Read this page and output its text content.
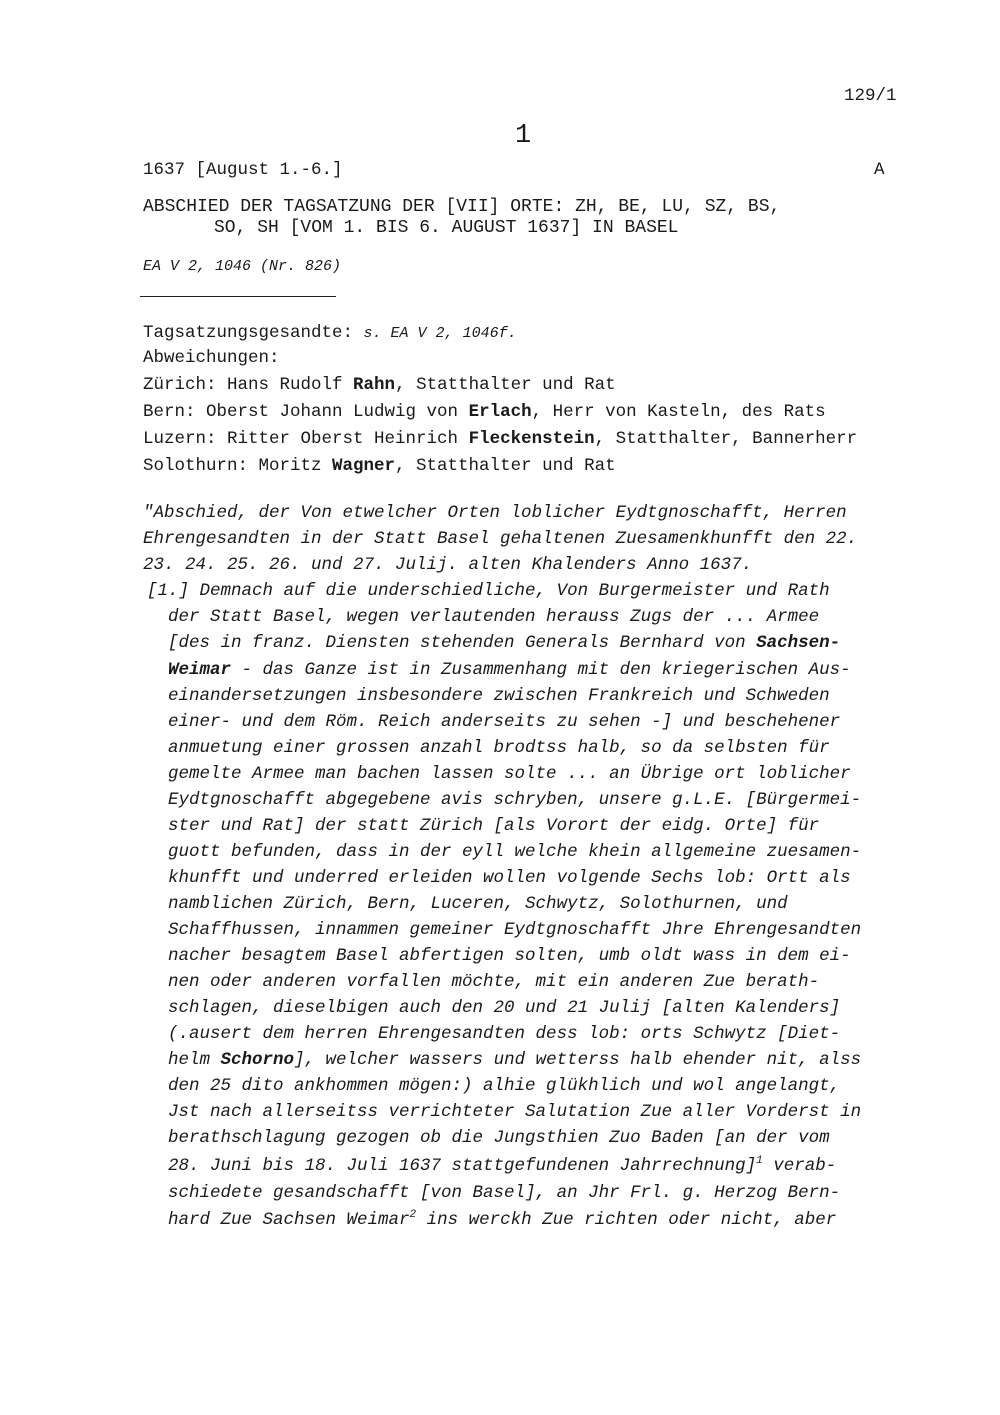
129/1
1
1637 [August 1.-6.]	A
ABSCHIED DER TAGSATZUNG DER [VII] ORTE: ZH, BE, LU, SZ, BS,
SO, SH [VOM 1. BIS 6. AUGUST 1637] IN BASEL
EA V 2, 1046 (Nr. 826)
Tagsatzungsgesandte: s. EA V 2, 1046f.
Abweichungen:
Zürich: Hans Rudolf Rahn, Statthalter und Rat
Bern: Oberst Johann Ludwig von Erlach, Herr von Kasteln, des Rats
Luzern: Ritter Oberst Heinrich Fleckenstein, Statthalter, Bannerherr
Solothurn: Moritz Wagner, Statthalter und Rat
"Abschied, der Von etwelcher Orten loblicher Eydtgnoschafft, Herren
Ehrengesandten in der Statt Basel gehaltenen Zuesamenkhunfft den 22.
23. 24. 25. 26. und 27. Julij. alten Khalenders Anno 1637.
[1.] Demnach auf die underschiedliche, Von Burgermeister und Rath
der Statt Basel, wegen verlautenden herauss Zugs der ... Armee
[des in franz. Diensten stehenden Generals Bernhard von Sachsen-
Weimar - das Ganze ist in Zusammenhang mit den kriegerischen Aus-
einandersetzungen insbesondere zwischen Frankreich und Schweden
einer- und dem Röm. Reich anderseits zu sehen -] und beschehener
anmuetung einer grossen anzahl brodtss halb, so da selbsten für
gemelte Armee man bachen lassen solte ... an Übrige ort loblicher
Eydtgnoschafft abgegebene avis schryben, unsere g.L.E. [Bürgermei-
ster und Rat] der statt Zürich [als Vorort der eidg. Orte] für
guott befunden, dass in der eyll welche khein allgemeine zuesamen-
khunfft und underred erleiden wollen volgende Sechs lob: Ortt als
namblichen Zürich, Bern, Luceren, Schwytz, Solothurnen, und
Schaffhussen, innammen gemeiner Eydtgnoschafft Jhre Ehrengesandten
nacher besagtem Basel abfertigen solten, umb oldt wass in dem ei-
nen oder anderen vorfallen möchte, mit ein anderen Zue berath-
schlagen, dieselbigen auch den 20 und 21 Julij [alten Kalenders]
(.ausert dem herren Ehrengesandten dess lob: orts Schwytz [Diet-
helm Schorno], welcher wassers und wetterss halb ehender nit, alss
den 25 dito ankhommen mögen:) alhie glükhlich und wol angelangt,
Jst nach allerseitss verrichteter Salutation Zue aller Vorderst in
berathschlagung gezogen ob die Jungsthien Zuo Baden [an der vom
28. Juni bis 18. Juli 1637 stattgefundenen Jahrrechnung]$^1$ verab-
schiedete gesandschafft [von Basel], an Jhr Frl. g. Herzog Bern-
hard Zue Sachsen Weimar$^2$ ins werckh Zue richten oder nicht, aber
